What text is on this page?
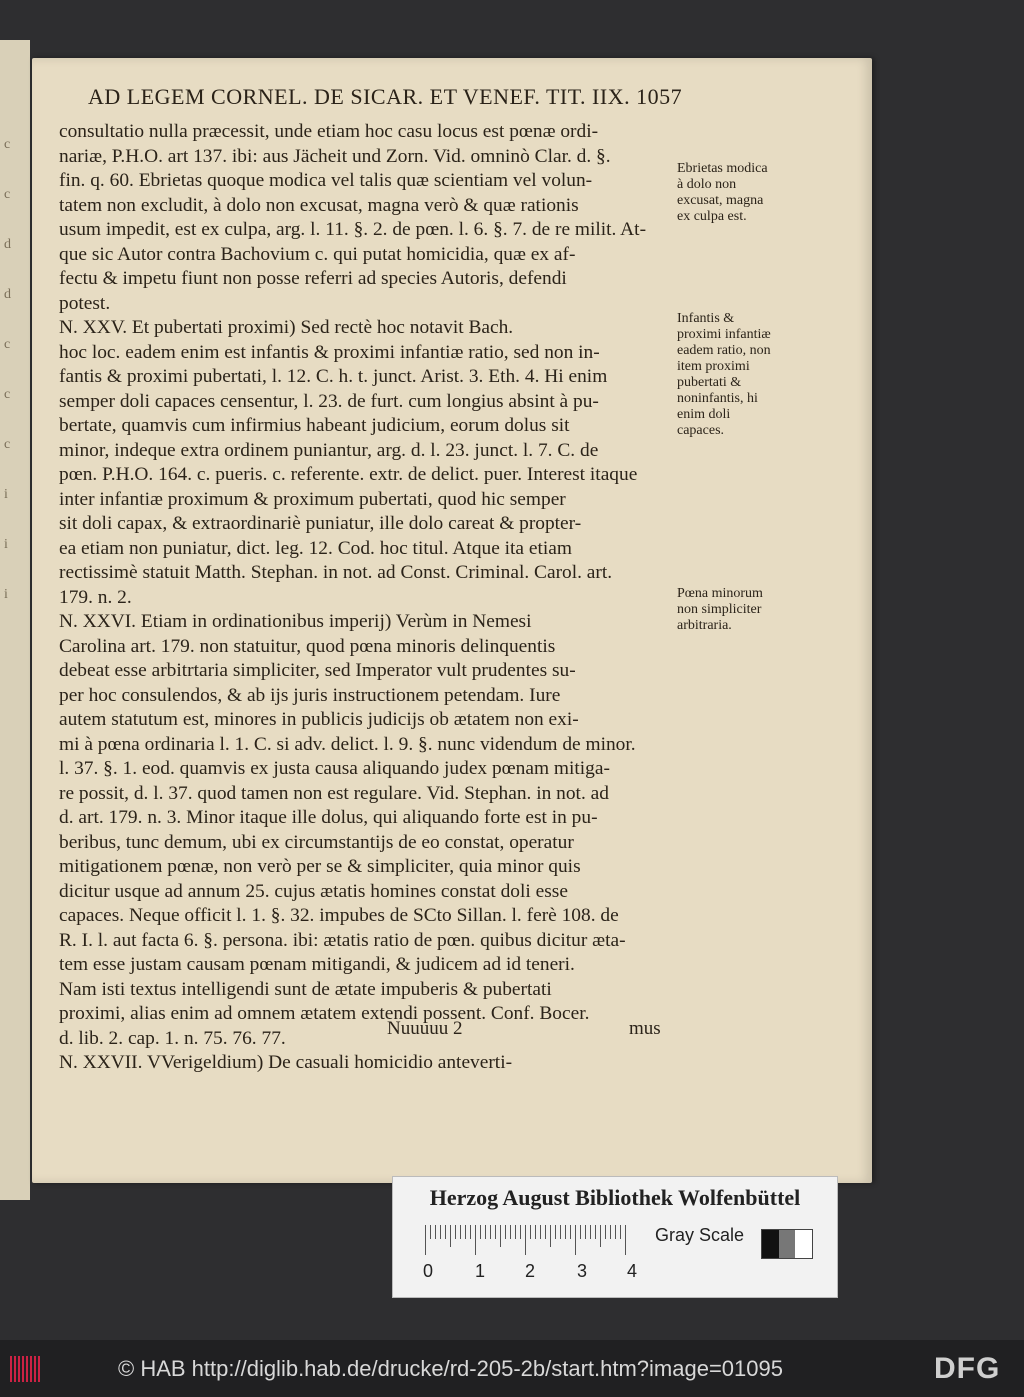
c
c
d
d
c
c
c
i
i
i
AD LEGEM CORNEL. DE SICAR. ET VENEF. TIT. IIX. 1057

consultatio nulla præcessit, unde etiam hoc casu locus est pœnæ ordi-

nariæ, P.H.O. art 137. ibi: aus Jächeit und Zorn. Vid. omninò Clar. d. §.

fin. q. 60. Ebrietas quoque modica vel talis quæ scientiam vel volun-

tatem non excludit, à dolo non excusat, magna verò & quæ rationis

usum impedit, est ex culpa, arg. l. 11. §. 2. de pœn. l. 6. §. 7. de re milit. At-

que sic Autor contra Bachovium c. qui putat homicidia, quæ ex af-

fectu & impetu fiunt non posse referri ad species Autoris, defendi

potest.

N. XXV. Et pubertati proximi) Sed rectè hoc notavit Bach.

hoc loc. eadem enim est infantis & proximi infantiæ ratio, sed non in-

fantis & proximi pubertati, l. 12. C. h. t. junct. Arist. 3. Eth. 4. Hi enim

semper doli capaces censentur, l. 23. de furt. cum longius absint à pu-

bertate, quamvis cum infirmius habeant judicium, eorum dolus sit

minor, indeque extra ordinem puniantur, arg. d. l. 23. junct. l. 7. C. de

pœn. P.H.O. 164. c. pueris. c. referente. extr. de delict. puer. Interest itaque

inter infantiæ proximum & proximum pubertati, quod hic semper

sit doli capax, & extraordinariè puniatur, ille dolo careat & propter-

ea etiam non puniatur, dict. leg. 12. Cod. hoc titul. Atque ita etiam

rectissimè statuit Matth. Stephan. in not. ad Const. Criminal. Carol. art.

179. n. 2.

N. XXVI. Etiam in ordinationibus imperij) Verùm in Nemesi

Carolina art. 179. non statuitur, quod pœna minoris delinquentis

debeat esse arbitrtaria simpliciter, sed Imperator vult prudentes su-

per hoc consulendos, & ab ijs juris instructionem petendam. Iure

autem statutum est, minores in publicis judicijs ob ætatem non exi-

mi à pœna ordinaria l. 1. C. si adv. delict. l. 9. §. nunc videndum de minor.

l. 37. §. 1. eod. quamvis ex justa causa aliquando judex pœnam mitiga-

re possit, d. l. 37. quod tamen non est regulare. Vid. Stephan. in not. ad

d. art. 179. n. 3. Minor itaque ille dolus, qui aliquando forte est in pu-

beribus, tunc demum, ubi ex circumstantijs de eo constat, operatur

mitigationem pœnæ, non verò per se & simpliciter, quia minor quis

dicitur usque ad annum 25. cujus ætatis homines constat doli esse

capaces. Neque officit l. 1. §. 32. impubes de SCto Sillan. l. ferè 108. de

R. I. l. aut facta 6. §. persona. ibi: ætatis ratio de pœn. quibus dicitur æta-

tem esse justam causam pœnam mitigandi, & judicem ad id teneri.

Nam isti textus intelligendi sunt de ætate impuberis & pubertati

proximi, alias enim ad omnem ætatem extendi possent. Conf. Bocer.

d. lib. 2. cap. 1. n. 75. 76. 77.

N. XXVII. VVerigeldium) De casuali homicidio anteverti-

Ebrietas modica à dolo non excusat, magna ex culpa est.
Infantis & proximi infantiæ eadem ratio, non item proximi pubertati & noninfantis, hi enim doli capaces.
Pœna minorum non simpliciter arbitraria.
Nuuuuu 2	mus
Herzog August Bibliothek Wolfenbüttel
0 1 2 3 4
Gray Scale
© HAB http://diglib.hab.de/drucke/rd-205-2b/start.htm?image=01095	DFG
